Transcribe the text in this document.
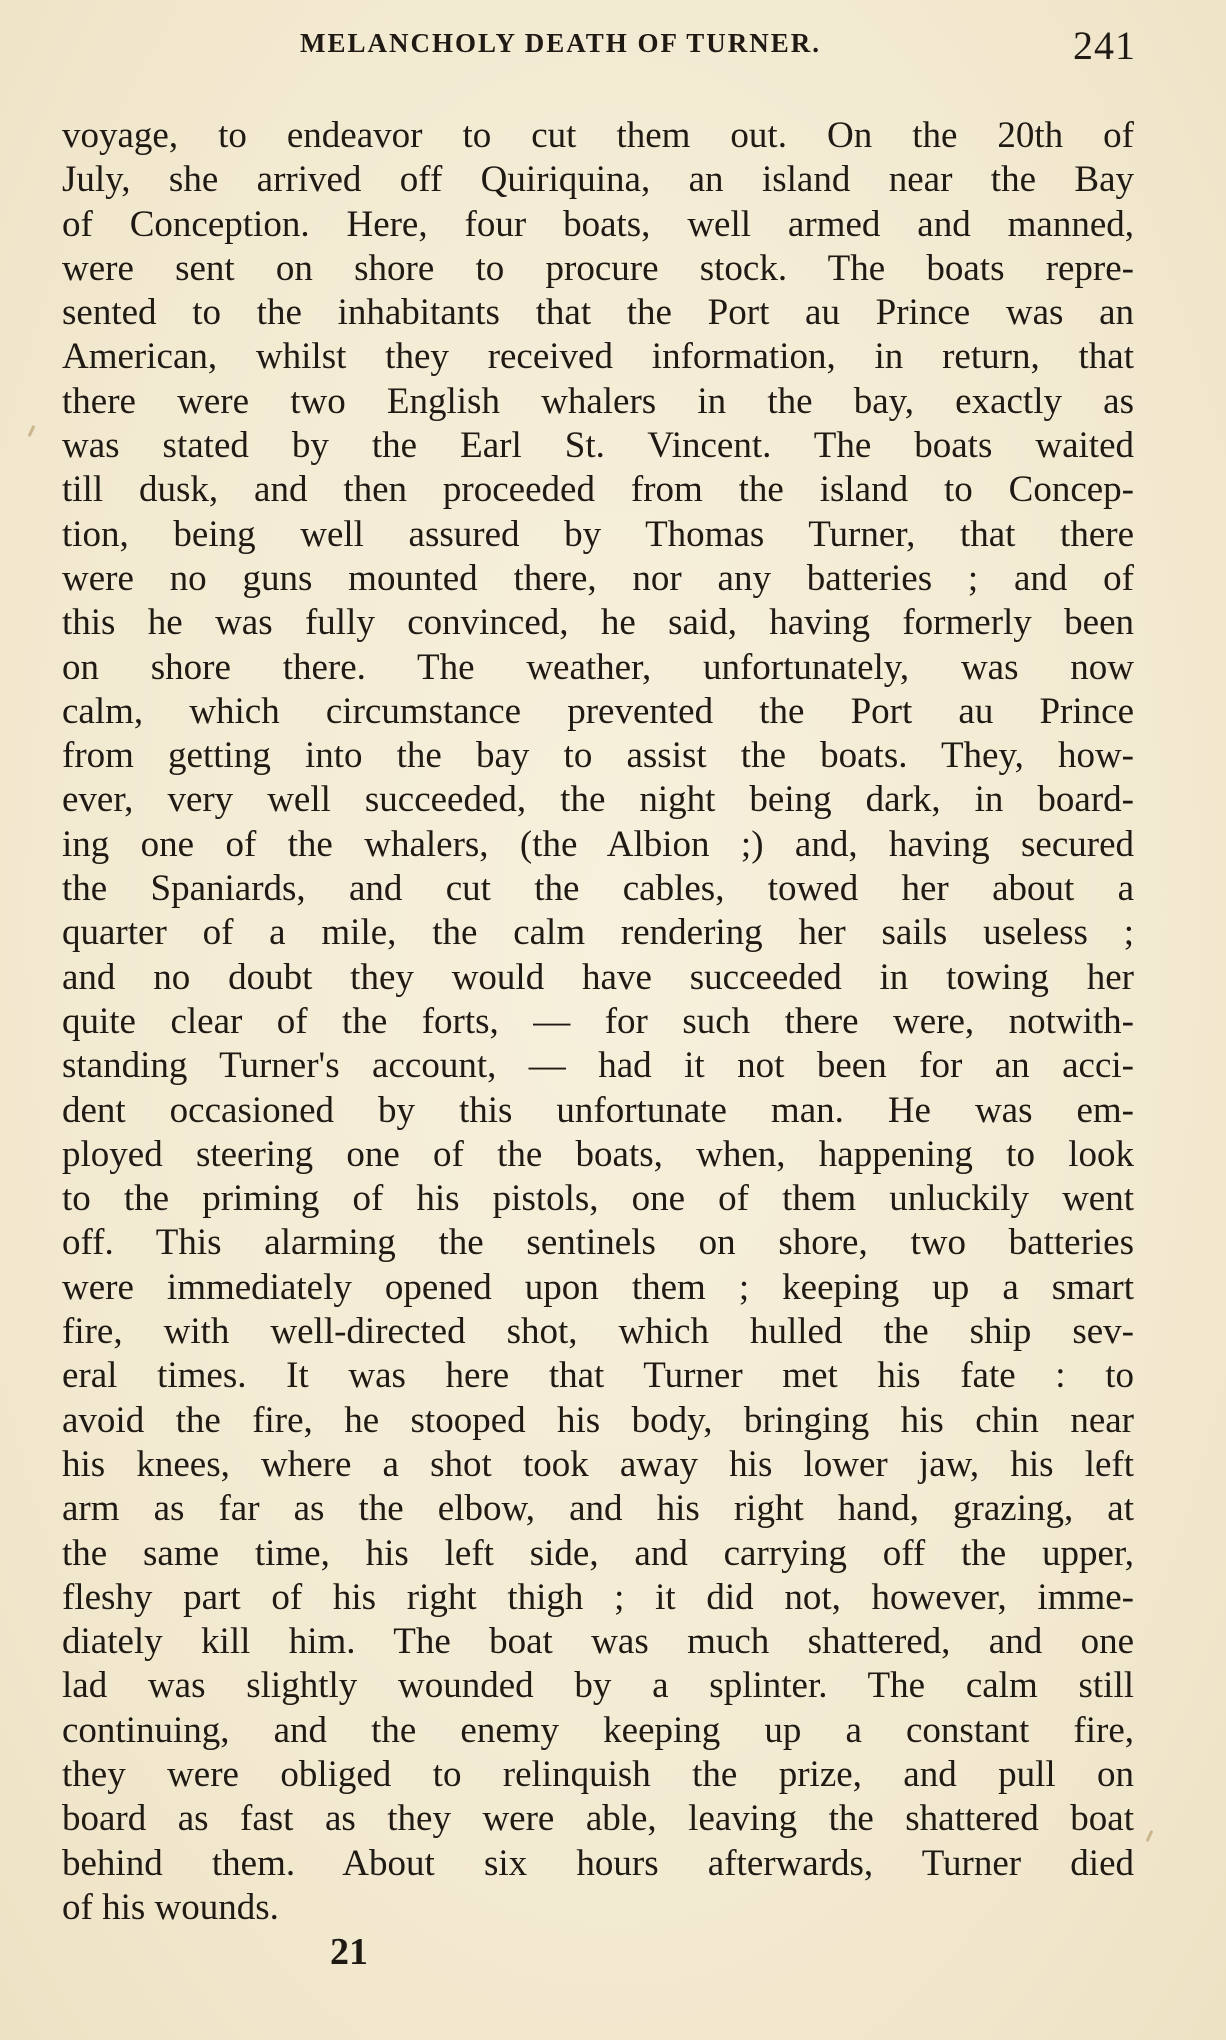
MELANCHOLY DEATH OF TURNER.	241
voyage, to endeavor to cut them out. On the 20th of
July, she arrived off Quiriquina, an island near the Bay
of Conception. Here, four boats, well armed and manned,
were sent on shore to procure stock. The boats repre-
sented to the inhabitants that the Port au Prince was an
American, whilst they received information, in return, that
there were two English whalers in the bay, exactly as
was stated by the Earl St. Vincent. The boats waited
till dusk, and then proceeded from the island to Concep-
tion, being well assured by Thomas Turner, that there
were no guns mounted there, nor any batteries ; and of
this he was fully convinced, he said, having formerly been
on shore there. The weather, unfortunately, was now
calm, which circumstance prevented the Port au Prince
from getting into the bay to assist the boats. They, how-
ever, very well succeeded, the night being dark, in board-
ing one of the whalers, (the Albion ;) and, having secured
the Spaniards, and cut the cables, towed her about a
quarter of a mile, the calm rendering her sails useless ;
and no doubt they would have succeeded in towing her
quite clear of the forts, — for such there were, notwith-
standing Turner's account, — had it not been for an acci-
dent occasioned by this unfortunate man. He was em-
ployed steering one of the boats, when, happening to look
to the priming of his pistols, one of them unluckily went
off. This alarming the sentinels on shore, two batteries
were immediately opened upon them ; keeping up a smart
fire, with well-directed shot, which hulled the ship sev-
eral times. It was here that Turner met his fate : to
avoid the fire, he stooped his body, bringing his chin near
his knees, where a shot took away his lower jaw, his left
arm as far as the elbow, and his right hand, grazing, at
the same time, his left side, and carrying off the upper,
fleshy part of his right thigh ; it did not, however, imme-
diately kill him. The boat was much shattered, and one
lad was slightly wounded by a splinter. The calm still
continuing, and the enemy keeping up a constant fire,
they were obliged to relinquish the prize, and pull on
board as fast as they were able, leaving the shattered boat
behind them. About six hours afterwards, Turner died
of his wounds.
21
